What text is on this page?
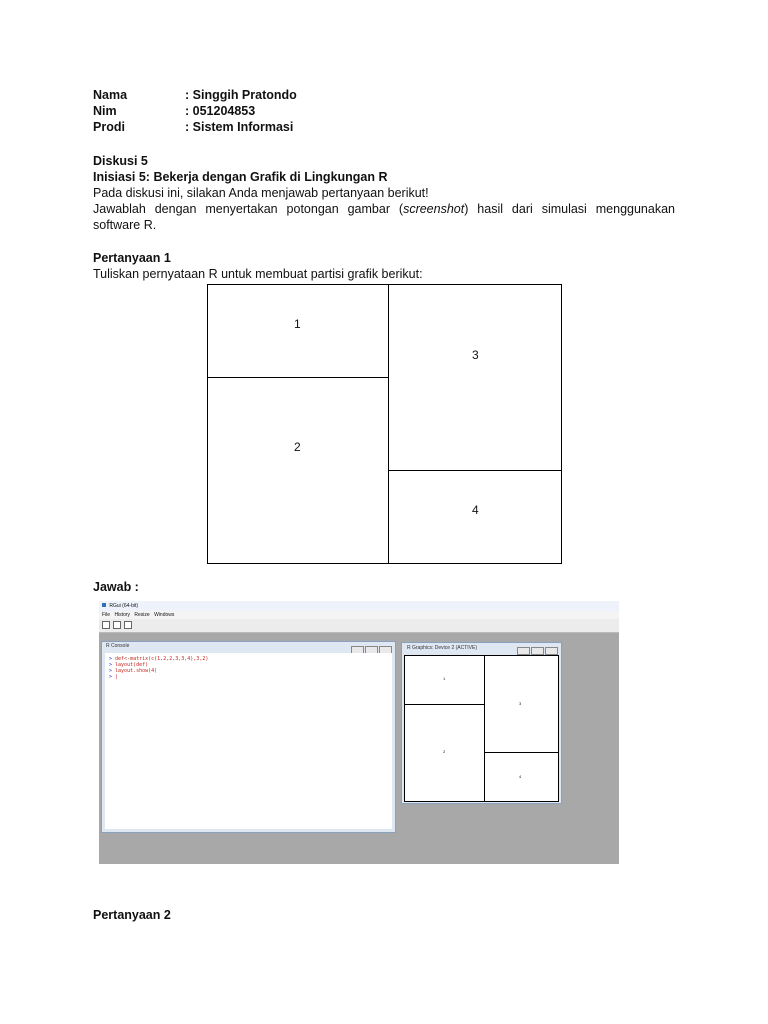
Nama	: Singgih Pratondo
Nim	: 051204853
Prodi	: Sistem Informasi
Diskusi 5
Inisiasi 5: Bekerja dengan Grafik di Lingkungan R
Pada diskusi ini, silakan Anda menjawab pertanyaan berikut!
Jawablah dengan menyertakan potongan gambar (screenshot) hasil dari simulasi menggunakan
software R.
Pertanyaan 1
Tuliskan pernyataan R untuk membuat partisi grafik berikut:
1
2
3
4
Jawab :
RGui (64-bit)
File History Resize Windows
R Console
> def<-matrix(c(1,2,2,3,3,4),3,2)
> layout(def)
> layout.show(4)
> |
R Graphics: Device 2 (ACTIVE)
1
2
3
4
Pertanyaan 2
